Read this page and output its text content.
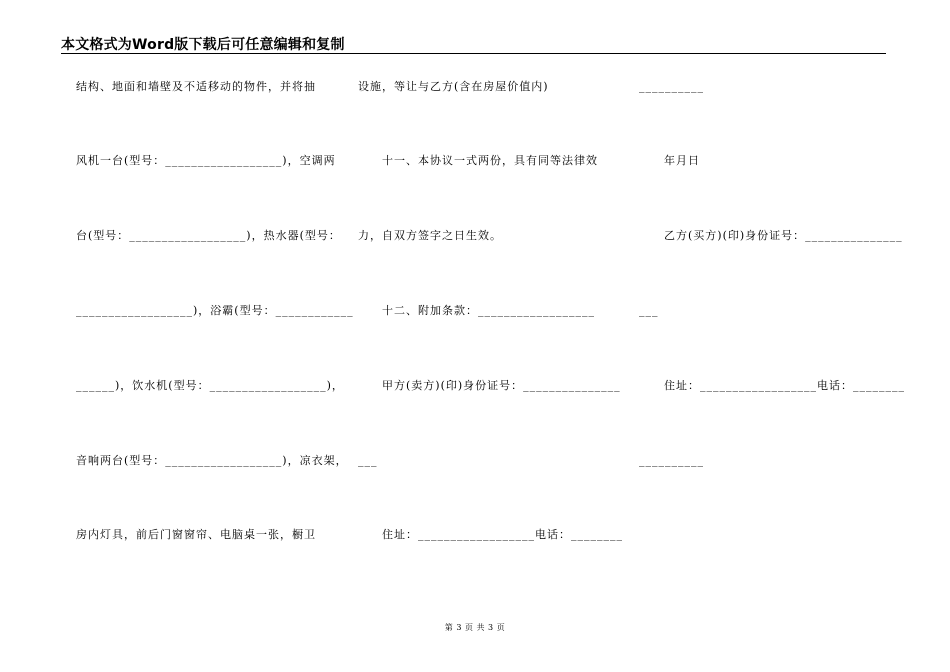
本文格式为Word版下载后可任意编辑和复制
结构、地面和墙壁及不适移动的物件，并将抽
风机一台(型号：__________________)，空调两
台(型号：__________________)，热水器(型号：
__________________)，浴霸(型号：____________
______)，饮水机(型号：__________________)，
音响两台(型号：__________________)，凉衣架，
房内灯具，前后门窗窗帘、电脑桌一张，橱卫
设施，等让与乙方(含在房屋价值内)
十一、本协议一式两份，具有同等法律效
力，自双方签字之日生效。
十二、附加条款：__________________
甲方(卖方)(印)身份证号：_______________
___
住址：__________________电话：________
__________
年月日
乙方(买方)(印)身份证号：_______________
___
住址：__________________电话：________
__________
第 3 页 共 3 页
